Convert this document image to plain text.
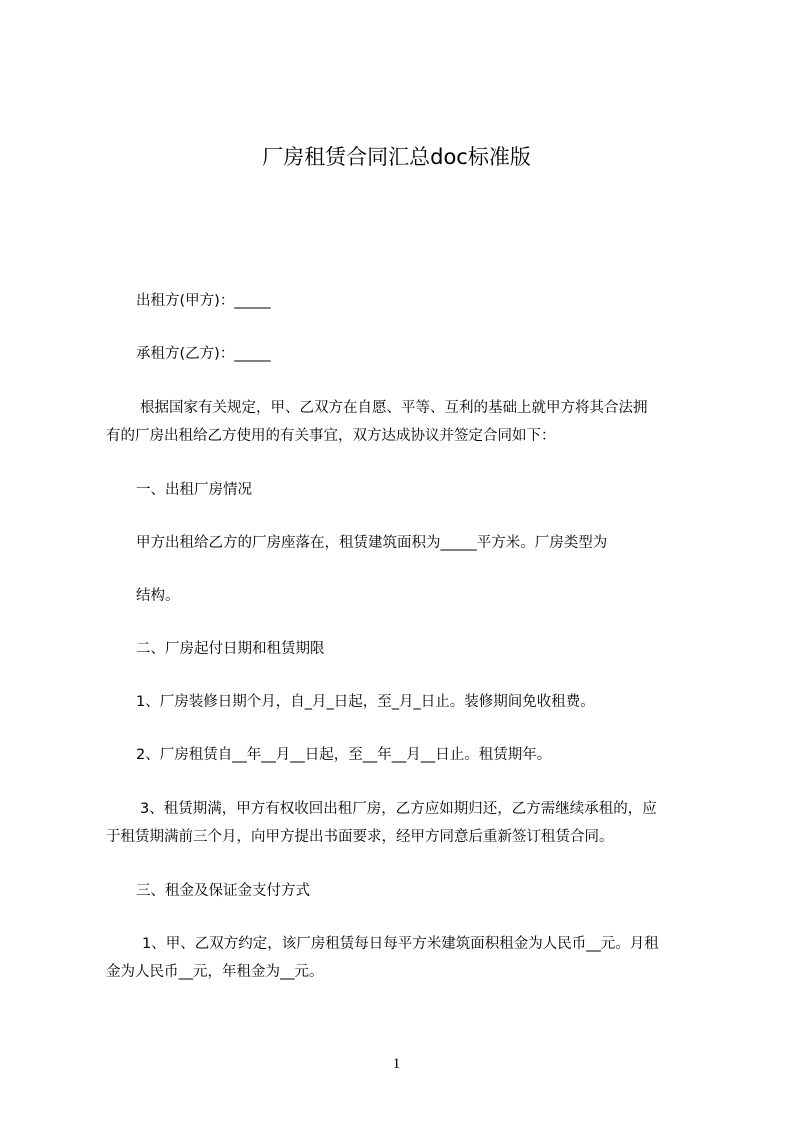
厂房租赁合同汇总doc标准版
出租方(甲方)：_____
承租方(乙方)：_____
根据国家有关规定，甲、乙双方在自愿、平等、互利的基础上就甲方将其合法拥
有的厂房出租给乙方使用的有关事宜，双方达成协议并签定合同如下：
一、出租厂房情况
甲方出租给乙方的厂房座落在，租赁建筑面积为_____平方米。厂房类型为
结构。
二、厂房起付日期和租赁期限
1、厂房装修日期个月，自_月_日起，至_月_日止。装修期间免收租费。
2、厂房租赁自__年__月__日起，至__年__月__日止。租赁期年。
3、租赁期满，甲方有权收回出租厂房，乙方应如期归还，乙方需继续承租的，应
于租赁期满前三个月，向甲方提出书面要求，经甲方同意后重新签订租赁合同。
三、租金及保证金支付方式
1、甲、乙双方约定，该厂房租赁每日每平方米建筑面积租金为人民币__元。月租
金为人民币__元，年租金为__元。
1
